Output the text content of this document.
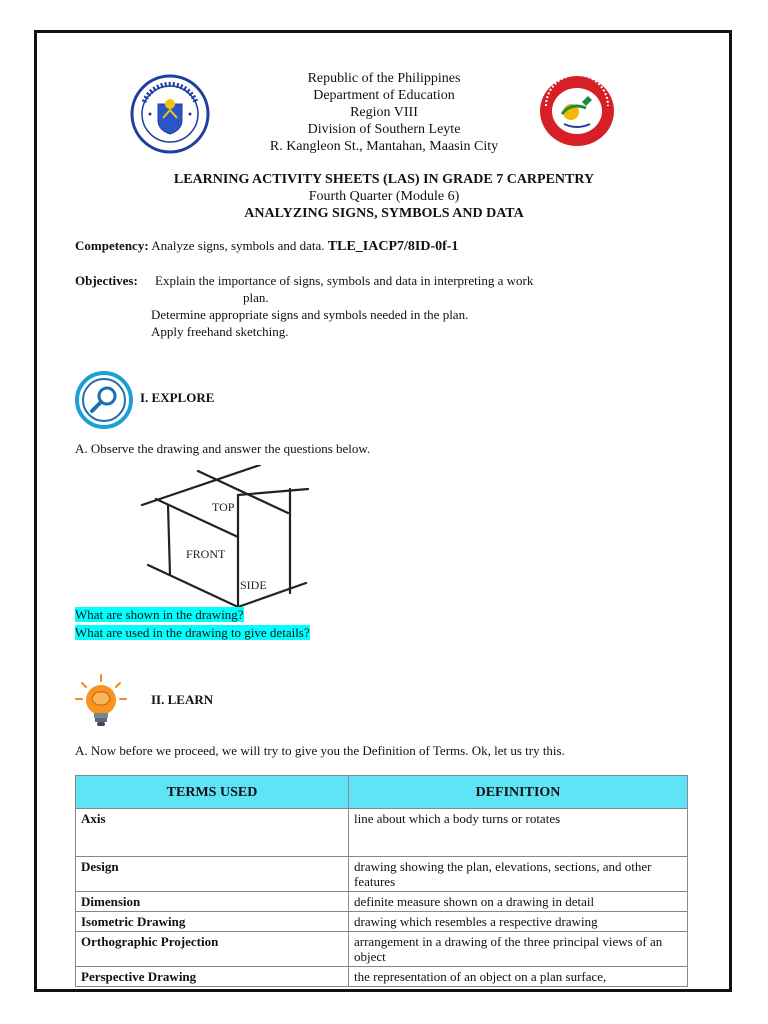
Republic of the Philippines
Department of Education
Region VIII
Division of Southern Leyte
R. Kangleon St., Mantahan, Maasin City
LEARNING ACTIVITY SHEETS (LAS) IN GRADE 7 CARPENTRY
Fourth Quarter (Module 6)
ANALYZING SIGNS, SYMBOLS AND DATA
Competency: Analyze signs, symbols and data. TLE_IACP7/8ID-0f-1
Objectives: Explain the importance of signs, symbols and data in interpreting a work
plan.
Determine appropriate signs and symbols needed in the plan.
Apply freehand sketching.
I. EXPLORE
A. Observe the drawing and answer the questions below.
TOP
FRONT
SIDE
What are shown in the drawing?
What are used in the drawing to give details?
II. LEARN
A. Now before we proceed, we will try to give you the Definition of Terms. Ok, let us try this.
TERMS USED	DEFINITION
Axis	line about which a body turns or rotates
Design	drawing showing the plan, elevations, sections, and other features
Dimension	definite measure shown on a drawing in detail
Isometric Drawing	drawing which resembles a respective drawing
Orthographic Projection	arrangement in a drawing of the three principal views of an object
Perspective Drawing	the representation of an object on a plan surface,
